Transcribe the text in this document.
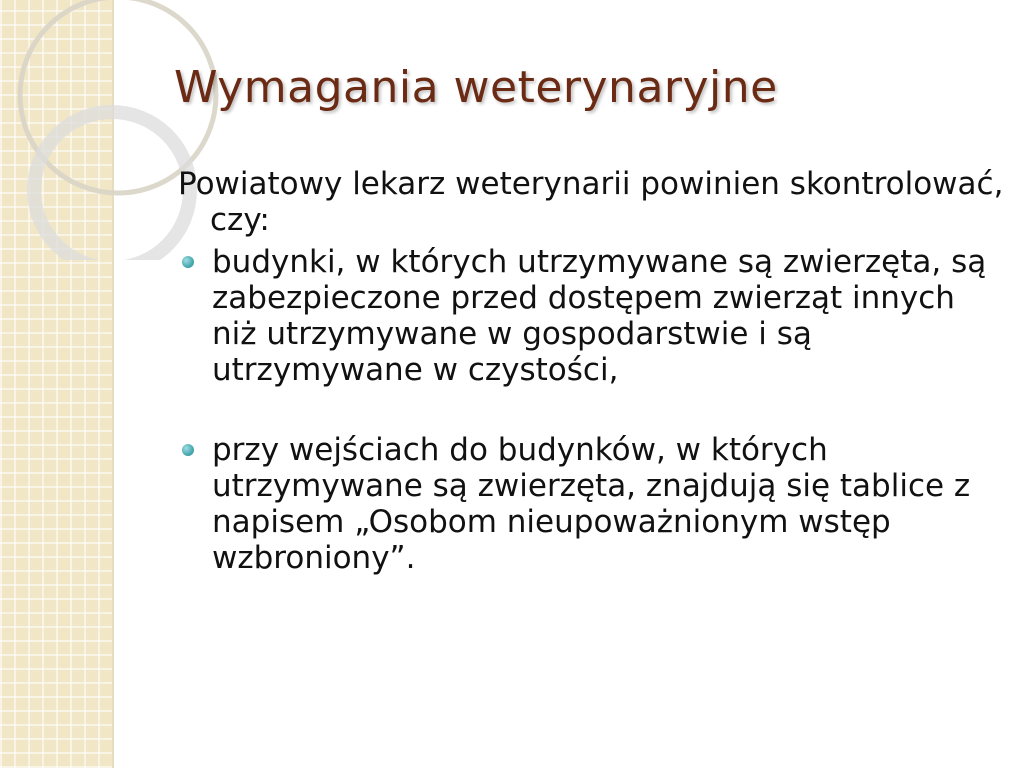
Wymagania weterynaryjne

Powiatowy lekarz weterynarii powinien skontrolować, czy:

budynki, w których utrzymywane są zwierzęta, są zabezpieczone przed dostępem zwierząt innych niż utrzymywane w gospodarstwie i są utrzymywane w czystości,
przy wejściach do budynków, w których utrzymywane są zwierzęta, znajdują się tablice z napisem „Osobom nieupoważnionym wstęp wzbroniony”.
